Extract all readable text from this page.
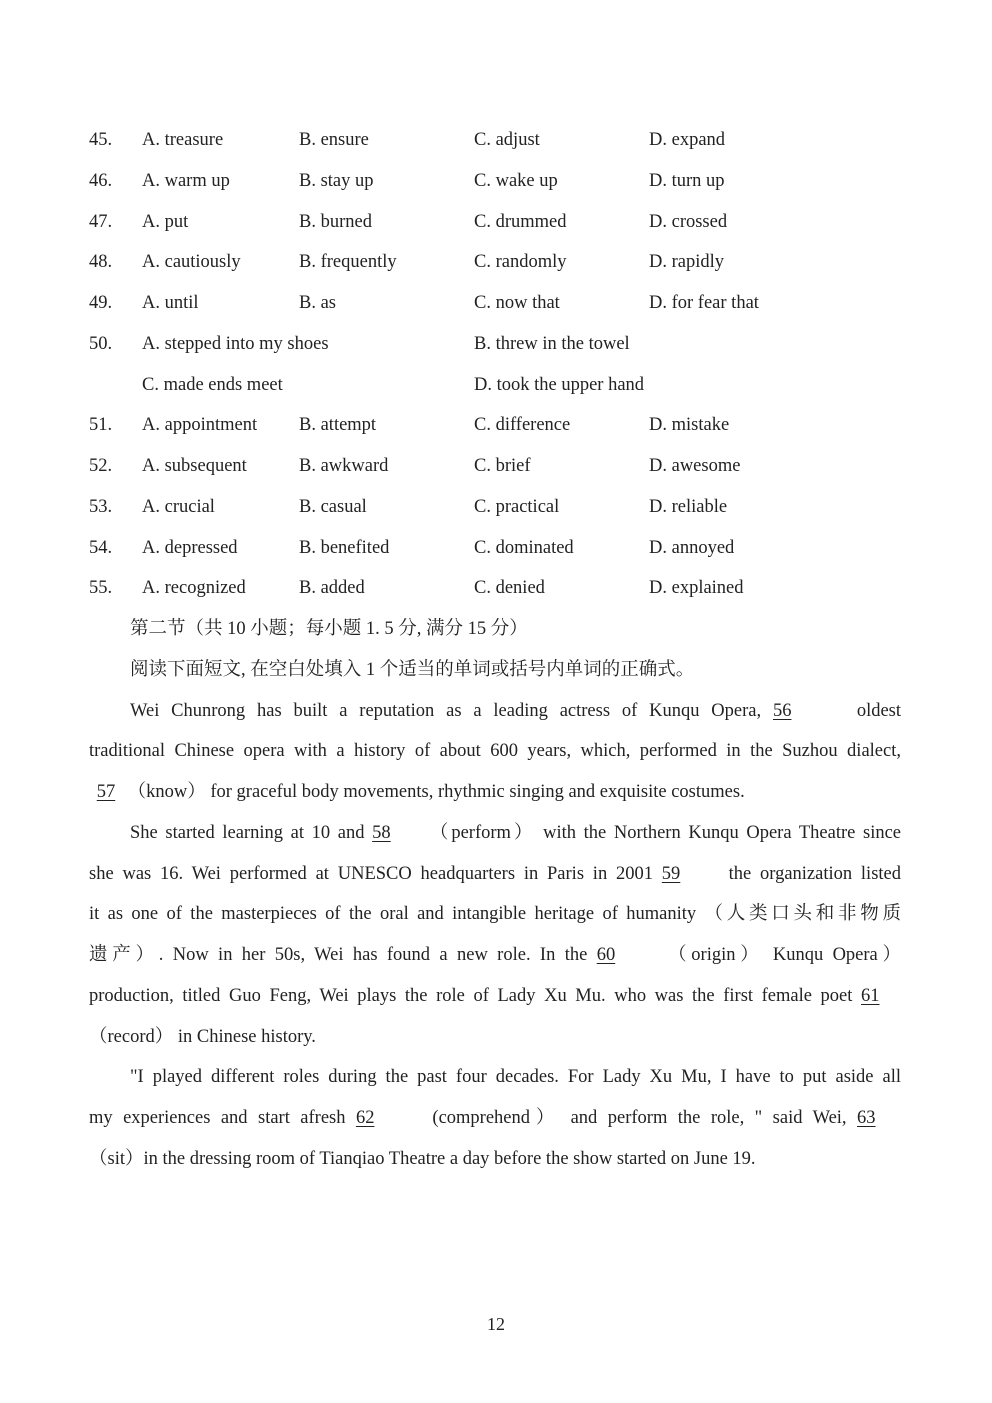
45. A. treasure	B. ensure	C. adjust	D. expand
46. A. warm up	B. stay up	C. wake up	D. turn up
47. A. put	B. burned	C. drummed	D. crossed
48. A. cautiously	B. frequently	C. randomly	D. rapidly
49. A. until	B. as	C. now that	D. for fear that
50. A. stepped into my shoes	B. threw in the towel
C. made ends meet	D. took the upper hand
51. A. appointment B. attempt	C. difference	D. mistake
52. A. subsequent	B. awkward	C. brief	D. awesome
53. A. crucial	B. casual	C. practical	D. reliable
54. A. depressed	B. benefited	C. dominated	D. annoyed
55. A. recognized	B. added	C. denied	D. explained
第二节（共 10 小题；每小题 1. 5 分, 满分 15 分）
阅读下面短文, 在空白处填入 1 个适当的单词或括号内单词的正确式。
Wei Chunrong has built a reputation as a leading actress of Kunqu Opera, 56	oldest
traditional Chinese opera with a history of about 600 years, which, performed in the Suzhou dialect,
57 （know） for graceful body movements, rhythmic singing and exquisite costumes.
She started learning at 10 and 58 （perform） with the Northern Kunqu Opera Theatre since
she was 16. Wei performed at UNESCO headquarters in Paris in 2001 59	the organization listed
it as one of the masterpieces of the oral and intangible heritage of humanity （人类口头和非物质
遗产）. Now in her 50s, Wei has found a new role. In the 60	（origin） Kunqu Opera）
production, titled Guo Feng, Wei plays the role of Lady Xu Mu. who was the first female poet 61
（record） in Chinese history.
"I played different roles during the past four decades. For Lady Xu Mu, I have to put aside all
my experiences and start afresh 62	(comprehend） and perform the role, " said Wei, 63
（sit）in the dressing room of Tianqiao Theatre a day before the show started on June 19.
12
